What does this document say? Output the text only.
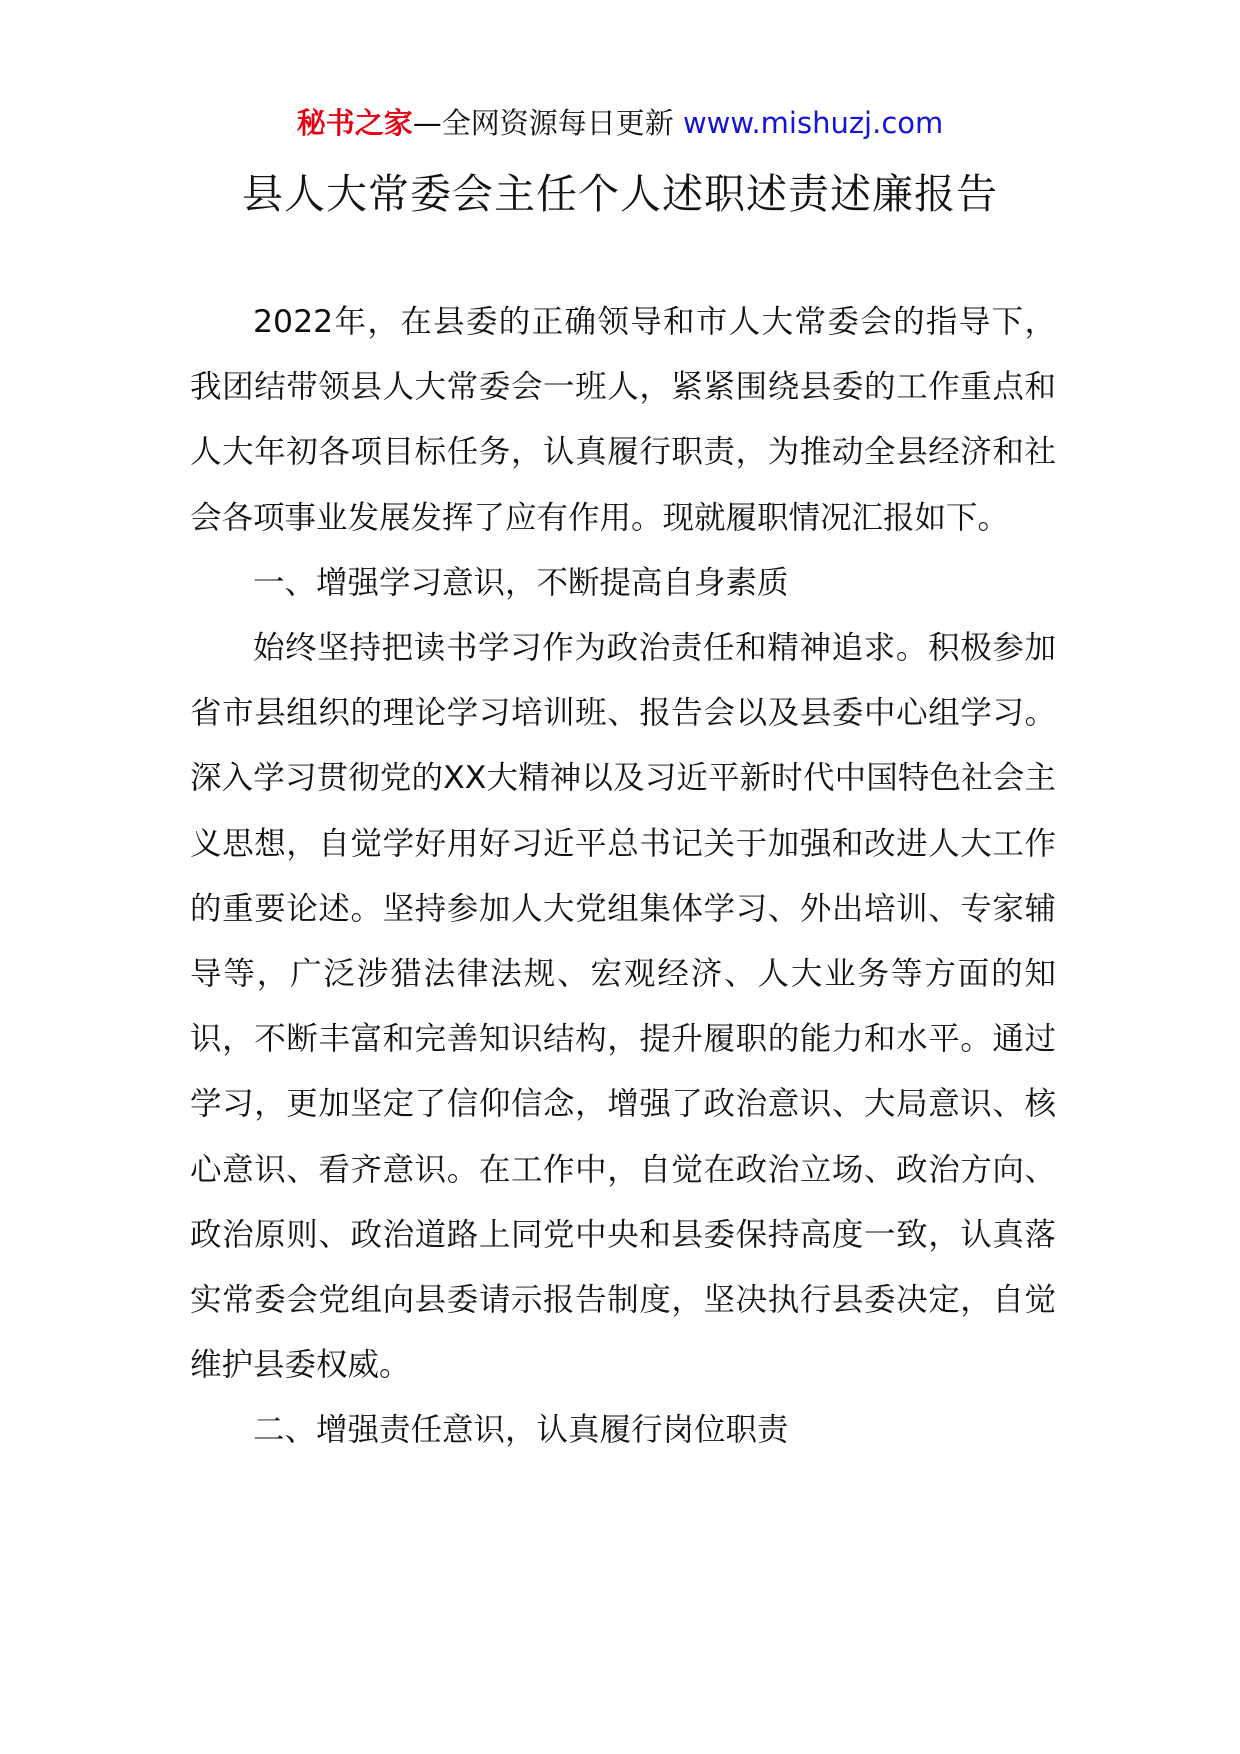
秘书之家—全网资源每日更新 www.mishuzj.com
县人大常委会主任个人述职述责述廉报告

2022年，在县委的正确领导和市人大常委会的指导下，我团结带领县人大常委会一班人，紧紧围绕县委的工作重点和人大年初各项目标任务，认真履行职责，为推动全县经济和社会各项事业发展发挥了应有作用。现就履职情况汇报如下。

一、增强学习意识，不断提高自身素质

始终坚持把读书学习作为政治责任和精神追求。积极参加省市县组织的理论学习培训班、报告会以及县委中心组学习。深入学习贯彻党的XX大精神以及习近平新时代中国特色社会主义思想，自觉学好用好习近平总书记关于加强和改进人大工作的重要论述。坚持参加人大党组集体学习、外出培训、专家辅导等，广泛涉猎法律法规、宏观经济、人大业务等方面的知识，不断丰富和完善知识结构，提升履职的能力和水平。通过学习，更加坚定了信仰信念，增强了政治意识、大局意识、核心意识、看齐意识。在工作中，自觉在政治立场、政治方向、政治原则、政治道路上同党中央和县委保持高度一致，认真落实常委会党组向县委请示报告制度，坚决执行县委决定，自觉维护县委权威。

二、增强责任意识，认真履行岗位职责
